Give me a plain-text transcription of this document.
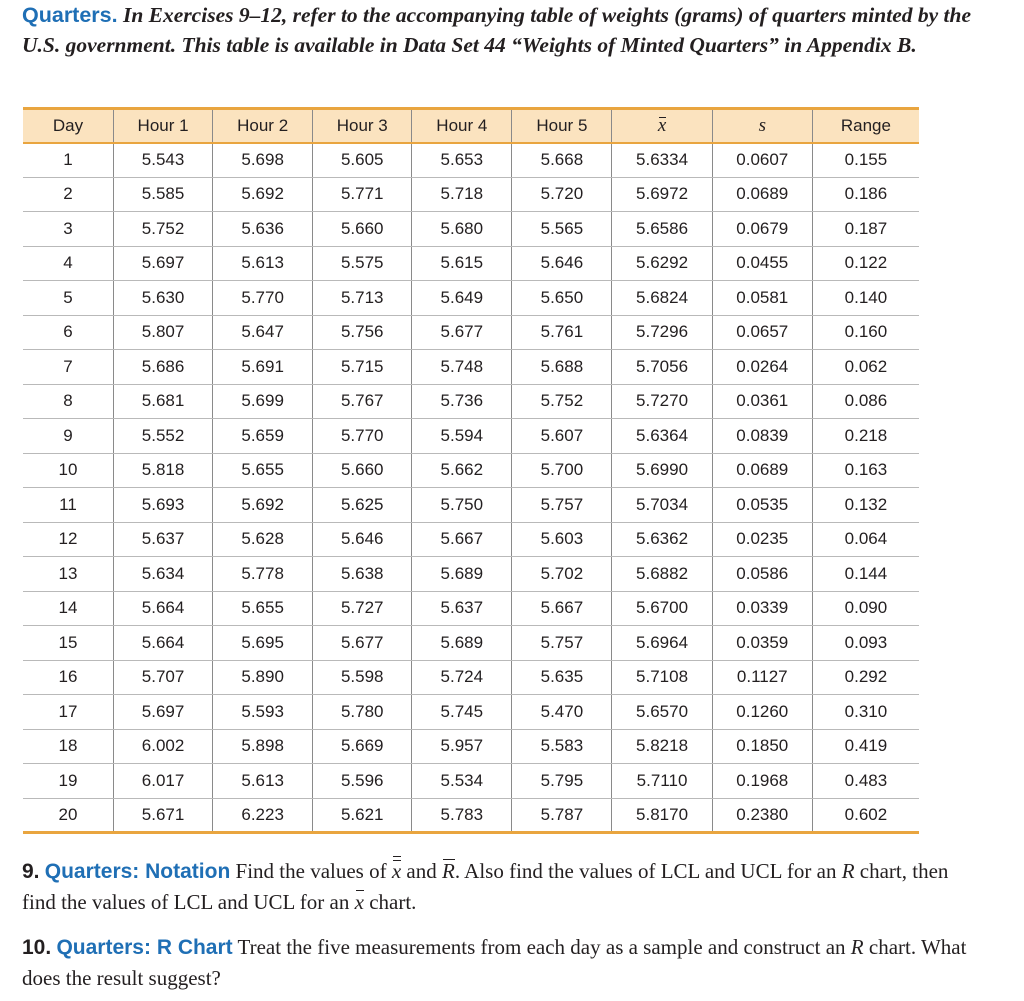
Quarters. In Exercises 9–12, refer to the accompanying table of weights (grams) of quarters minted by the U.S. government. This table is available in Data Set 44 “Weights of Minted Quarters” in Appendix B.
Day	Hour 1	Hour 2	Hour 3	Hour 4	Hour 5	x	s	Range
1	5.543	5.698	5.605	5.653	5.668	5.6334	0.0607	0.155
2	5.585	5.692	5.771	5.718	5.720	5.6972	0.0689	0.186
3	5.752	5.636	5.660	5.680	5.565	5.6586	0.0679	0.187
4	5.697	5.613	5.575	5.615	5.646	5.6292	0.0455	0.122
5	5.630	5.770	5.713	5.649	5.650	5.6824	0.0581	0.140
6	5.807	5.647	5.756	5.677	5.761	5.7296	0.0657	0.160
7	5.686	5.691	5.715	5.748	5.688	5.7056	0.0264	0.062
8	5.681	5.699	5.767	5.736	5.752	5.7270	0.0361	0.086
9	5.552	5.659	5.770	5.594	5.607	5.6364	0.0839	0.218
10	5.818	5.655	5.660	5.662	5.700	5.6990	0.0689	0.163
11	5.693	5.692	5.625	5.750	5.757	5.7034	0.0535	0.132
12	5.637	5.628	5.646	5.667	5.603	5.6362	0.0235	0.064
13	5.634	5.778	5.638	5.689	5.702	5.6882	0.0586	0.144
14	5.664	5.655	5.727	5.637	5.667	5.6700	0.0339	0.090
15	5.664	5.695	5.677	5.689	5.757	5.6964	0.0359	0.093
16	5.707	5.890	5.598	5.724	5.635	5.7108	0.1127	0.292
17	5.697	5.593	5.780	5.745	5.470	5.6570	0.1260	0.310
18	6.002	5.898	5.669	5.957	5.583	5.8218	0.1850	0.419
19	6.017	5.613	5.596	5.534	5.795	5.7110	0.1968	0.483
20	5.671	6.223	5.621	5.783	5.787	5.8170	0.2380	0.602
9. Quarters: Notation Find the values of x and R. Also find the values of LCL and UCL for an R chart, then find the values of LCL and UCL for an x chart.
10. Quarters: R Chart Treat the five measurements from each day as a sample and construct an R chart. What does the result suggest?
